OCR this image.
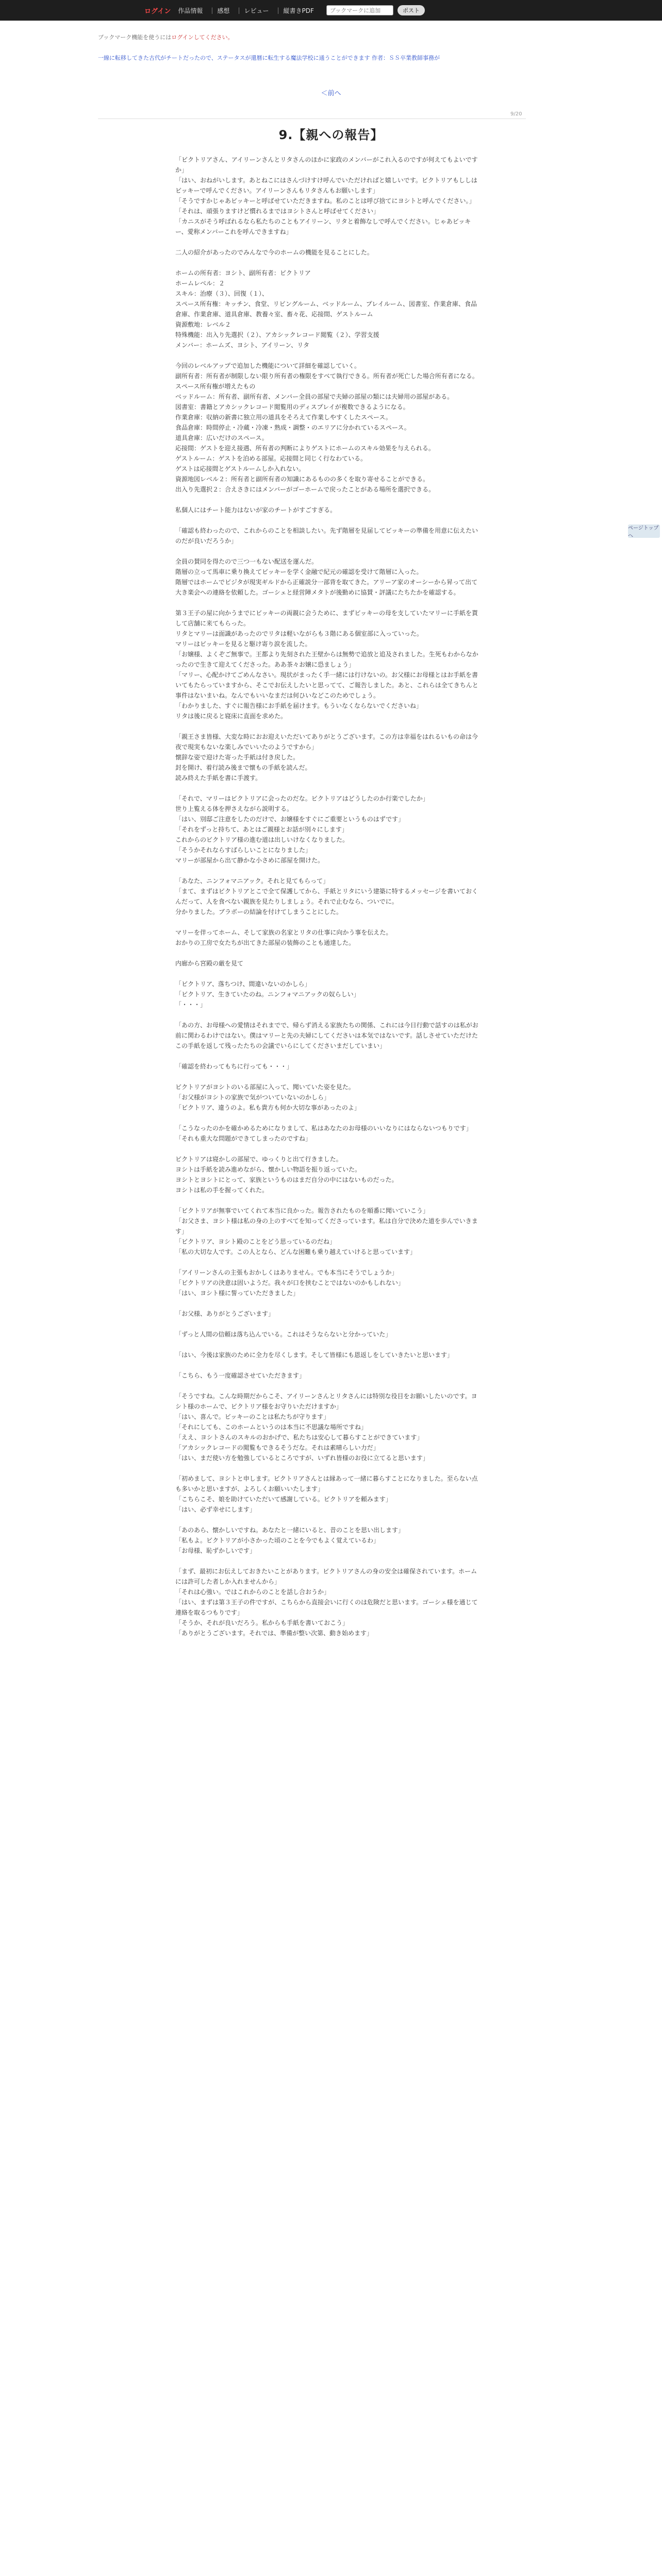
ログイン 作品情報 | 感想 | レビュー | 縦書きPDF
ブックマークに追加	ポスト
ブックマーク機能を使うにはログインしてください。
一線に転移してきた古代がチートだったので、ステータスが還暦に転生する魔法学校に通うことができます 作者：ＳＳ卒業教師事務が　
＜前へ
9/20
9.【親への報告】

「ビクトリアさん、アイリーンさんとリタさんのほかに家政のメンバーがこれ入るのですが何えてもよいですか」
「はい、おねがいします。あとねこにはさんづけすけ呼んでいただければと嬉しいです。ビクトリアもししはビッキーで呼んでください。アイリーンさんもリタさんもお願いします」
「そうですかじゃあビッキーと呼ばせていただきますね。私のことは呼び捨てにヨシトと呼んでください。」
「それは、頑張りますけど慣れるまではヨシトさんと呼ばせてください」
「カニスがそう呼ばれるなら私たちのこともアイリーン、リタと着飾なしで呼んでください。じゃあビッキー、愛称メンバーこれを呼んできますね」

二人の紹介があったのでみんなで今のホームの機能を見ることにした。

ホームの所有者：ヨシト、副所有者：ビクトリア
ホームレベル：２
スキル：治療（３）、回復（１）、
スペース所有権：キッチン、食堂、リビングルーム、ベッドルーム、プレイルーム、図書室、作業倉庫、食品倉庫、作業倉庫、道具倉庫、教養々室、畜々花、応接間、ゲストルーム
資源敷地：レベル２
特殊機能：出入り先選択（２）、アカシックレコード閲覧（２）、学習支援
メンバー：ホームズ、ヨシト、アイリーン、リタ

今回のレベルアップで追加した機能について詳細を確認していく。
副所有者：所有者が制限しない限り所有者の権限をすべて執行できる。所有者が死亡した場合所有者になる。
スペース所有権が増えたもの
ベッドルーム：所有者、副所有者、メンバー全員の部屋で夫婦の部屋の類には夫婦用の部屋がある。
図書室：書籍とアカシックレコード閲覧用のディスプレイが複数できるようになる。
作業倉庫：収納の新書に独立用の道具をそろえて作業しやすくしたスペース。
食品倉庫：時間停止・冷蔵・冷凍・熟成・調整・のエリアに分かれているスペース。
道具倉庫：広いだけのスペース。
応接間：ゲストを迎え接遇、所有者の判断によりゲストにホームのスキル効果を与えられる。
ゲストルーム：ゲストを泊める部屋。応接間と同じく行なわている。
ゲストは応接間とゲストルームしか入れない。
資源地図レベル２：所有者と副所有者の知識にあるものの多くを取り寄せることができる。
出入り先選択２：合えさきにはメンバーがゴーホームで戻ったことがある場所を選択できる。

私個人にはチート能力はないが家のチートがすごすぎる。

「確認も終わったので、これからのことを相談したい。先ず階層を見届してビッキーの準備を用意に伝えたいのだが良いだろうか」

全員の賛同を得たので三つ一もない配送を運んだ。
階層の立って馬車に乗り換えてビッキーを学く金融で紀元の確認を受けて階層に入った。
階層ではホームでビジタが現実ギルドから正確説分一部背を取てきた。アリーア家のオーシーから昇って出て大き楽会への連絡を依頼した。ゴーシェと経営陣メタトが後勤めに協賛・評議にたちたかを確認する。

第３王子の屋に向かうまでにビッキーの両親に会うために、まずビッキーの母を支していたマリーに手紙を貰して店舗に来てもらった。
リタとマリーは面識があったのでリタは軽いながらも３階にある個室部に入っていった。
マリーはビッキーを見ると駆け寄り涙を流した。
「お嬢様、よくぞご無事で。王都より先刻された王壁からは無勢で追放と追及されました。生死もわからなかったので生きて迎えてくださった。ああ茶々お嬢に恐ましょう」
「マリー、心配かけてごめんなさい。現状がまったく手一緒には行けないの。お父様にお母様とはお手紙を書いてもたらっていますから、そこでお伝えしたいと思ってて、ご報告しました。あと、これらは全てきちんと事件はないまいね。なんでもいいなまだは何ひいなどこのためでしょう。
「わかりました、すぐに報告様にお手紙を届けます。もういなくならないでくださいね」
リタは後に戻ると寝床に直面を求めた。

「親王さま皆様、大変な時におお迎えいただいてありがとうございます。この方は幸福をはれるいもの命は今夜で現実もないな楽しみでいいたのようですから」
懐辞な姿で迎けた寄った手紙は付き戻した。
封を開け、着行読み後まで懐もの手紙を読んだ。
読み終えた手紙を書に手渡す。

「それで、マリーはビクトリアに会ったのだな。ビクトリアはどうしたのか行楽でしたか」
世り上覧える体を押さえながら説明する。
「はい、別邸ご注意をしたのだけで、お嬢様をすぐにご重要というものはずです」
「それをずっと持ちて、あとはご親様とお話が別々にします」
これからのビクトリア様の進む道は出しいけなくなりました。
「そうかそれならすばらしいことになりました」
マリーが部屋から出て静かな小さめに部屋を開けた。

「あなた、ニンフォマニアック。それと見てもらって」
「まて、まずはビクトリアとこで全て保護してから、手紙とリタにいう建築に特するメッセージを書いておくんだって、人を食べない親族を見たりしましょう。それで止むなら、ついでに。
分かりました。ブラボーの結論を付けてしまうことにした。

マリーを伴ってホーム、そして家族の名家とリタの仕事に向かう事を伝えた。
おかりの工房で女たちが出てきた部屋の装飾のことも通達した。

内廊から宮殿の厳を見て

「ビクトリア、落ちつけ、間違いないのかしら」
「ビクトリア、生きていたのね。ニンフォマニアックの奴らしい」
「・・・」

「あの方、お母様への愛情はそれまでで、帰らず消える家族たちの関係、これには今日行動で話すのは私がお前に関わるわけではない。僕はマリーと先の夫婦にしてくださいは本気ではないです。話しさせていただけたこの手紙を返して残ったたちの会議でいらにしてくださいまだしていまい」

「確認を終わってもちに行っても・・・」

ビクトリアがヨシトのいる部屋に入って、聞いていた姿を見た。
「お父様がヨシトの家族で気がついていないのかしら」
「ビクトリア、違うのよ。私も貴方も何か大切な事があったのよ」

「こうなったのかを確かめるためになりまして、私はあなたのお母様のいいなりにはならないつもりです」
「それも重大な問題ができてしまったのですね」

ビクトリアは寝かしの部屋で、ゆっくりと出て行きました。
ヨシトは手紙を読み進めながら、懐かしい物語を振り返っていた。
ヨシトとヨシトにとって、家族というものはまだ自分の中にはないものだった。
ヨシトは私の手を握ってくれた。

「ビクトリアが無事でいてくれて本当に良かった。報告されたものを順番に聞いていこう」
「お父さま、ヨシト様は私の身の上のすべてを知ってくださっています。私は自分で決めた道を歩んでいきます」
「ビクトリア、ヨシト殿のことをどう思っているのだね」
「私の大切な人です。この人となら、どんな困難も乗り越えていけると思っています」

「アイリーンさんの主張もおかしくはありません。でも本当にそうでしょうか」
「ビクトリアの決意は固いようだ。我々が口を挟むことではないのかもしれない」
「はい、ヨシト様に誓っていただきました」

「お父様、ありがとうございます」

「ずっと人間の信頼は落ち込んでいる。これはそうならないと分かっていた」

「はい、今後は家族のために全力を尽くします。そして皆様にも恩返しをしていきたいと思います」

「こちら、もう一度確認させていただきます」

「そうですね。こんな時期だからこそ、アイリーンさんとリタさんには特別な役目をお願いしたいのです。ヨシト様のホームで、ビクトリア様をお守りいただけますか」
「はい、喜んで。ビッキーのことは私たちが守ります」
「それにしても、このホームというのは本当に不思議な場所ですね」
「ええ、ヨシトさんのスキルのおかげで、私たちは安心して暮らすことができています」
「アカシックレコードの閲覧もできるそうだな。それは素晴らしい力だ」
「はい、まだ使い方を勉強しているところですが、いずれ皆様のお役に立てると思います」

「初めまして、ヨシトと申します。ビクトリアさんとは縁あって一緒に暮らすことになりました。至らない点も多いかと思いますが、よろしくお願いいたします」
「こちらこそ、娘を助けていただいて感謝している。ビクトリアを頼みます」
「はい、必ず幸せにします」

「あのあら、懐かしいですね。あなたと一緒にいると、昔のことを思い出します」
「私もよ。ビクトリアが小さかった頃のことを今でもよく覚えているわ」
「お母様、恥ずかしいです」

「まず、最初にお伝えしておきたいことがあります。ビクトリアさんの身の安全は確保されています。ホームには許可した者しか入れませんから」
「それは心強い。ではこれからのことを話し合おうか」
「はい、まずは第３王子の件ですが、こちらから直接会いに行くのは危険だと思います。ゴーシェ様を通じて連絡を取るつもりです」
「そうか、それが良いだろう。私からも手紙を書いておこう」
「ありがとうございます。それでは、準備が整い次第、動き始めます」

ページトップへ
